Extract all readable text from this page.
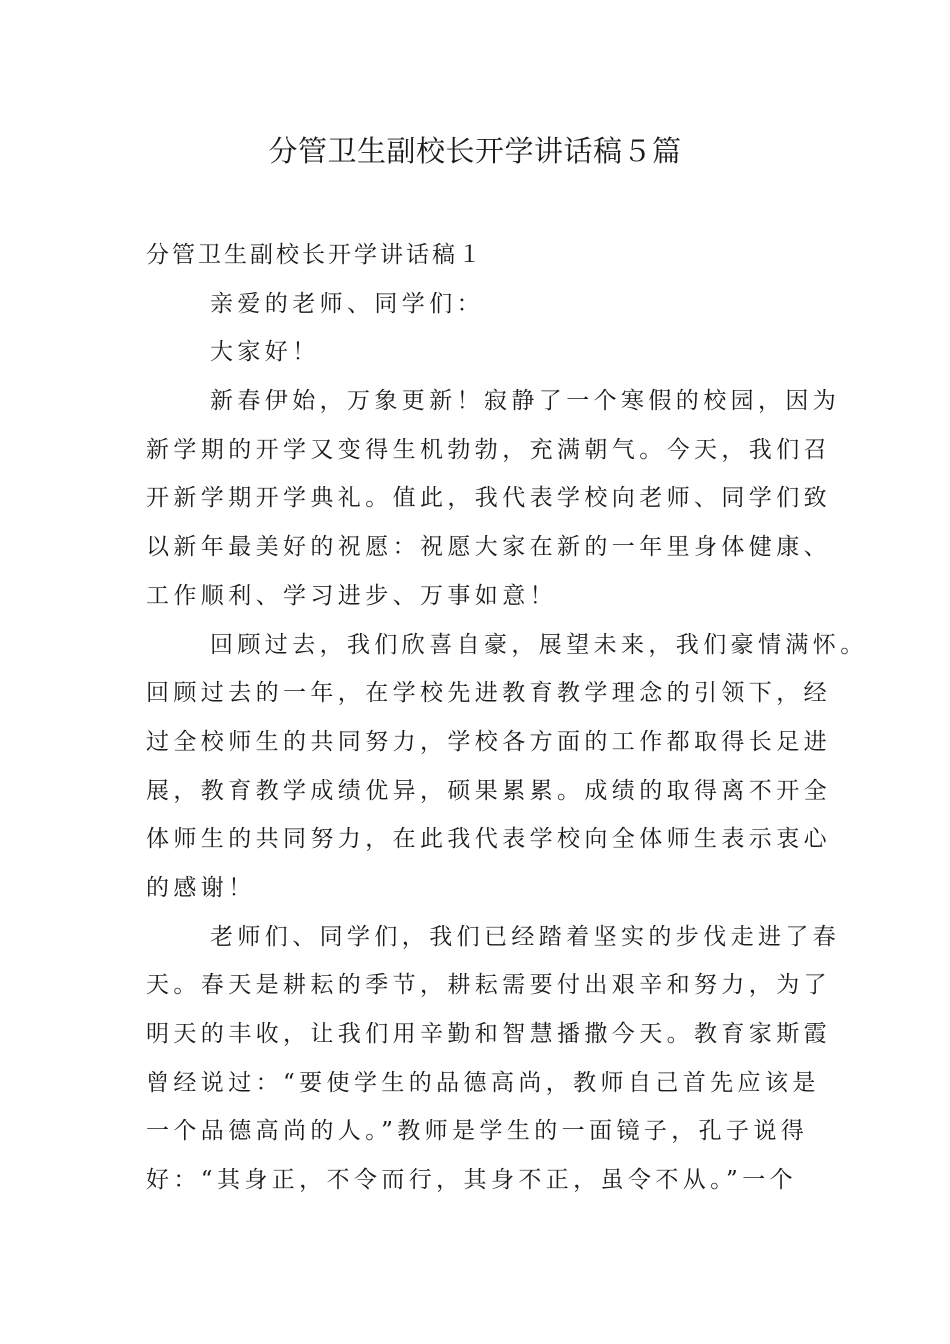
分管卫生副校长开学讲话稿５篇

分管卫生副校长开学讲话稿１

亲爱的老师、同学们：

大家好！

新春伊始，万象更新！寂静了一个寒假的校园，因为

新学期的开学又变得生机勃勃，充满朝气。今天，我们召

开新学期开学典礼。值此，我代表学校向老师、同学们致

以新年最美好的祝愿：祝愿大家在新的一年里身体健康、

工作顺利、学习进步、万事如意！

回顾过去，我们欣喜自豪，展望未来，我们豪情满怀。

回顾过去的一年，在学校先进教育教学理念的引领下，经

过全校师生的共同努力，学校各方面的工作都取得长足进

展，教育教学成绩优异，硕果累累。成绩的取得离不开全

体师生的共同努力，在此我代表学校向全体师生表示衷心

的感谢！

老师们、同学们，我们已经踏着坚实的步伐走进了春

天。春天是耕耘的季节，耕耘需要付出艰辛和努力，为了

明天的丰收，让我们用辛勤和智慧播撒今天。教育家斯霞

曾经说过：“要使学生的品德高尚，教师自己首先应该是

一个品德高尚的人。”教师是学生的一面镜子，孔子说得

好：“其身正，不令而行，其身不正，虽令不从。”一个
